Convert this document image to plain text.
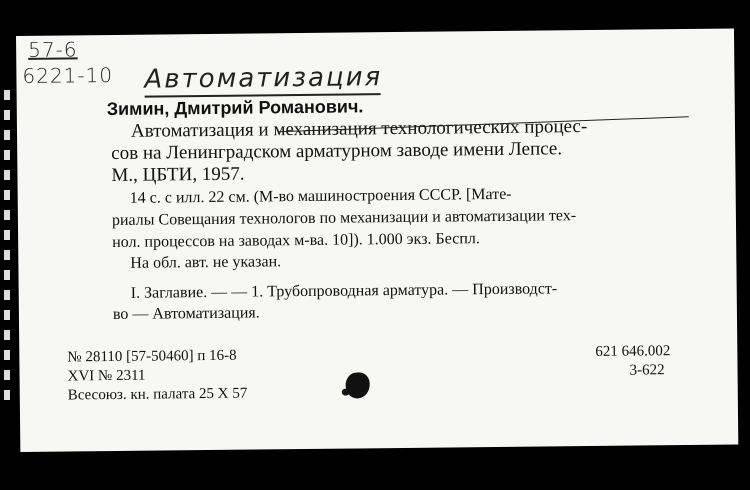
57-6
6221-10 Автоматизация
Зимин, Дмитрий Романович.
Автоматизация и механизация технологических процес-
сов на Ленинградском арматурном заводе имени Лепсе.
М., ЦБТИ, 1957.
14 с. с илл. 22 см. (М-во машиностроения СССР. [Мате-
риалы Совещания технологов по механизации и автоматизации тех-
нол. процессов на заводах м-ва. 10]). 1.000 экз. Беспл.
На обл. авт. не указан.
I. Заглавие. — — 1. Трубопроводная арматура. — Производст-
во — Автоматизация.
№ 28110 [57-50460] п 16-8
XVI № 2311
Всесоюз. кн. палата 25 X 57
621 646.002
3-622
